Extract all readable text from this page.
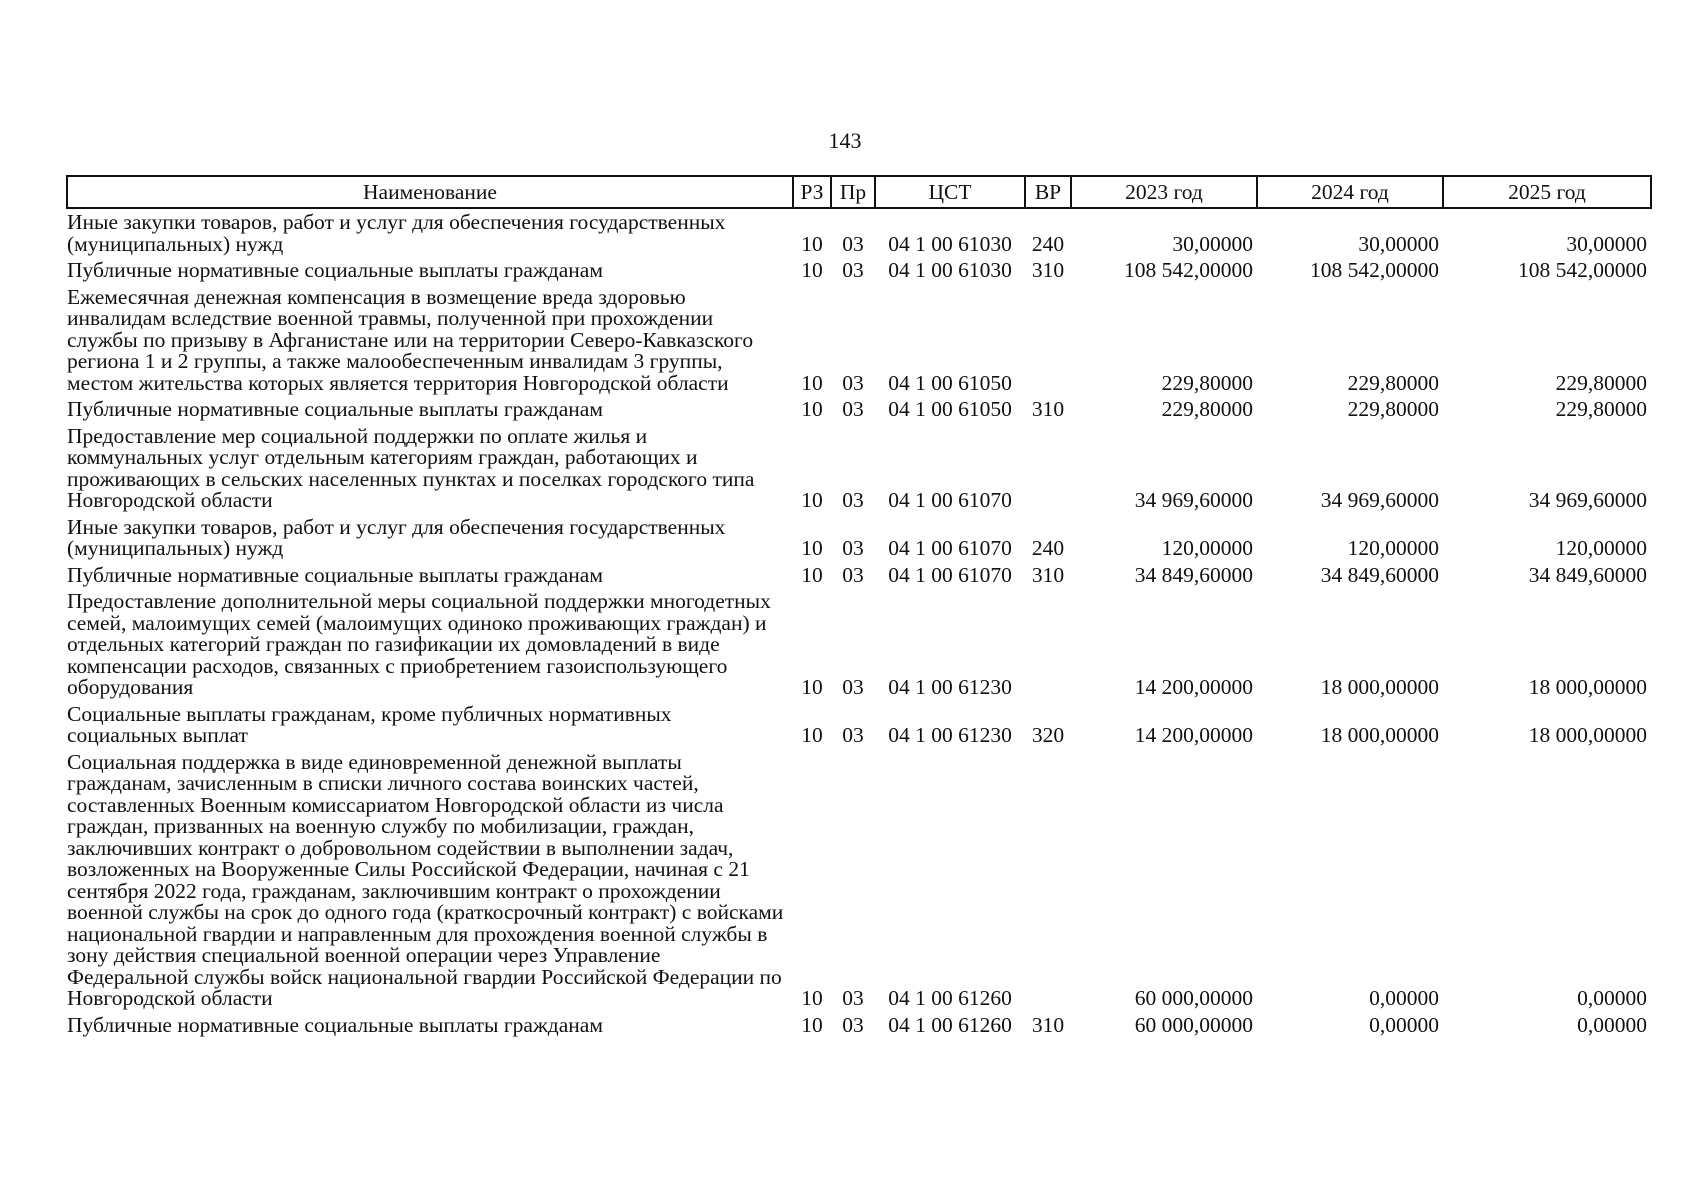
143
Наименование	РЗ	Пр	ЦСТ	ВР	2023 год	2024 год	2025 год
Иные закупки товаров, работ и услуг для обеспечения государственных (муниципальных) нужд	10	03	04 1 00 61030	240	30,00000	30,00000	30,00000
Публичные нормативные социальные выплаты гражданам	10	03	04 1 00 61030	310	108 542,00000	108 542,00000	108 542,00000
Ежемесячная денежная компенсация в возмещение вреда здоровью инвалидам вследствие военной травмы, полученной при прохождении службы по призыву в Афганистане или на территории Северо-Кавказского региона 1 и 2 группы, а также малообеспеченным инвалидам 3 группы, местом жительства которых является территория Новгородской области	10	03	04 1 00 61050		229,80000	229,80000	229,80000
Публичные нормативные социальные выплаты гражданам	10	03	04 1 00 61050	310	229,80000	229,80000	229,80000
Предоставление мер социальной поддержки по оплате жилья и коммунальных услуг отдельным категориям граждан, работающих и проживающих в сельских населенных пунктах и поселках городского типа Новгородской области	10	03	04 1 00 61070		34 969,60000	34 969,60000	34 969,60000
Иные закупки товаров, работ и услуг для обеспечения государственных (муниципальных) нужд	10	03	04 1 00 61070	240	120,00000	120,00000	120,00000
Публичные нормативные социальные выплаты гражданам	10	03	04 1 00 61070	310	34 849,60000	34 849,60000	34 849,60000
Предоставление дополнительной меры социальной поддержки многодетных семей, малоимущих семей (малоимущих одиноко проживающих граждан) и отдельных категорий граждан по газификации их домовладений в виде компенсации расходов, связанных с приобретением газоиспользующего оборудования	10	03	04 1 00 61230		14 200,00000	18 000,00000	18 000,00000
Социальные выплаты гражданам, кроме публичных нормативных социальных выплат	10	03	04 1 00 61230	320	14 200,00000	18 000,00000	18 000,00000
Социальная поддержка в виде единовременной денежной выплаты гражданам, зачисленным в списки личного состава воинских частей, составленных Военным комиссариатом Новгородской области из числа граждан, призванных на военную службу по мобилизации, граждан, заключивших контракт о добровольном содействии в выполнении задач, возложенных на Вооруженные Силы Российской Федерации, начиная с 21 сентября 2022 года, гражданам, заключившим контракт о прохождении военной службы на срок до одного года (краткосрочный контракт) с войсками национальной гвардии и направленным для прохождения военной службы в зону действия специальной военной операции через Управление Федеральной службы войск национальной гвардии Российской Федерации по Новгородской области	10	03	04 1 00 61260		60 000,00000	0,00000	0,00000
Публичные нормативные социальные выплаты гражданам	10	03	04 1 00 61260	310	60 000,00000	0,00000	0,00000
